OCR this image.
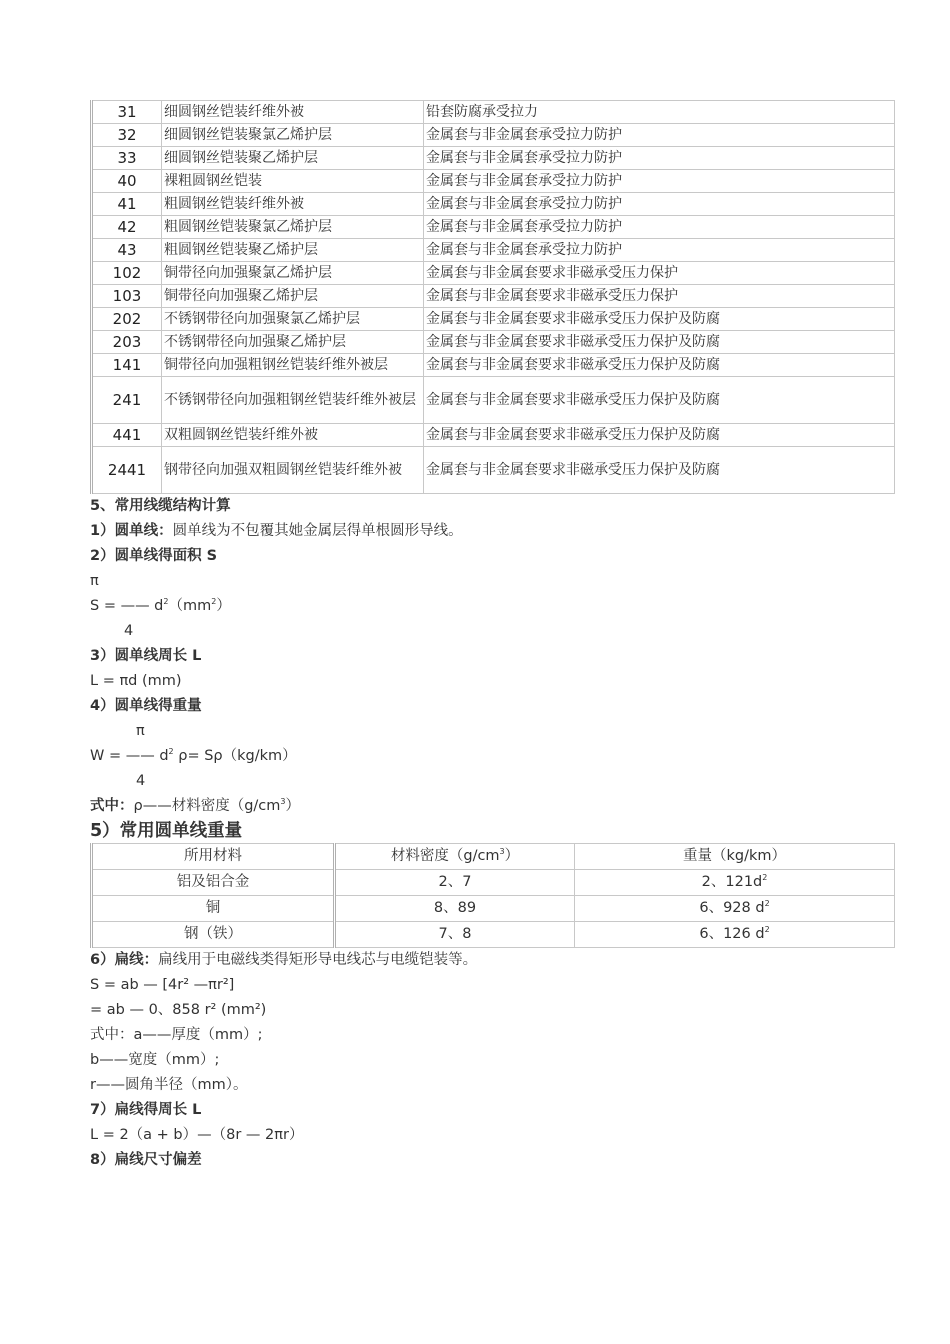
31	细圆钢丝铠装纤维外被	铅套防腐承受拉力
32	细圆钢丝铠装聚氯乙烯护层	金属套与非金属套承受拉力防护
33	细圆钢丝铠装聚乙烯护层	金属套与非金属套承受拉力防护
40	裸粗圆钢丝铠装	金属套与非金属套承受拉力防护
41	粗圆钢丝铠装纤维外被	金属套与非金属套承受拉力防护
42	粗圆钢丝铠装聚氯乙烯护层	金属套与非金属套承受拉力防护
43	粗圆钢丝铠装聚乙烯护层	金属套与非金属套承受拉力防护
102	铜带径向加强聚氯乙烯护层	金属套与非金属套要求非磁承受压力保护
103	铜带径向加强聚乙烯护层	金属套与非金属套要求非磁承受压力保护
202	不锈钢带径向加强聚氯乙烯护层	金属套与非金属套要求非磁承受压力保护及防腐
203	不锈钢带径向加强聚乙烯护层	金属套与非金属套要求非磁承受压力保护及防腐
141	铜带径向加强粗钢丝铠装纤维外被层	金属套与非金属套要求非磁承受压力保护及防腐
241	不锈钢带径向加强粗钢丝铠装纤维外被层	金属套与非金属套要求非磁承受压力保护及防腐
441	双粗圆钢丝铠装纤维外被	金属套与非金属套要求非磁承受压力保护及防腐
2441	钢带径向加强双粗圆钢丝铠装纤维外被	金属套与非金属套要求非磁承受压力保护及防腐
5、常用线缆结构计算
1）圆单线：圆单线为不包覆其她金属层得单根圆形导线。
2）圆单线得面积 S
π
S = —— $d^2(mm^2)$
4
3）圆单线周长 L
L = πd (mm)
4）圆单线得重量
π
W = —— $d^2$ ρ= Sρ（kg/km）
4
式中：ρ——材料密度$(g/cm^3)$
5）常用圆单线重量
所用材料	材料密度$(g/cm^3)$	重量（kg/km）
铝及铝合金	2、7	2、$121d^2$
铜	8、89	6、928 $d^2$
钢（铁）	7、8	6、126 $d^2$
6）扁线：扁线用于电磁线类得矩形导电线芯与电缆铠装等。
S = ab — [4r² —πr²]
= ab — 0、858 r² (mm²)
式中：a——厚度（mm）;
b——宽度（mm）;
r——圆角半径（mm）。
7）扁线得周长 L
L = 2（a + b）—（8r — 2πr）
8）扁线尺寸偏差
